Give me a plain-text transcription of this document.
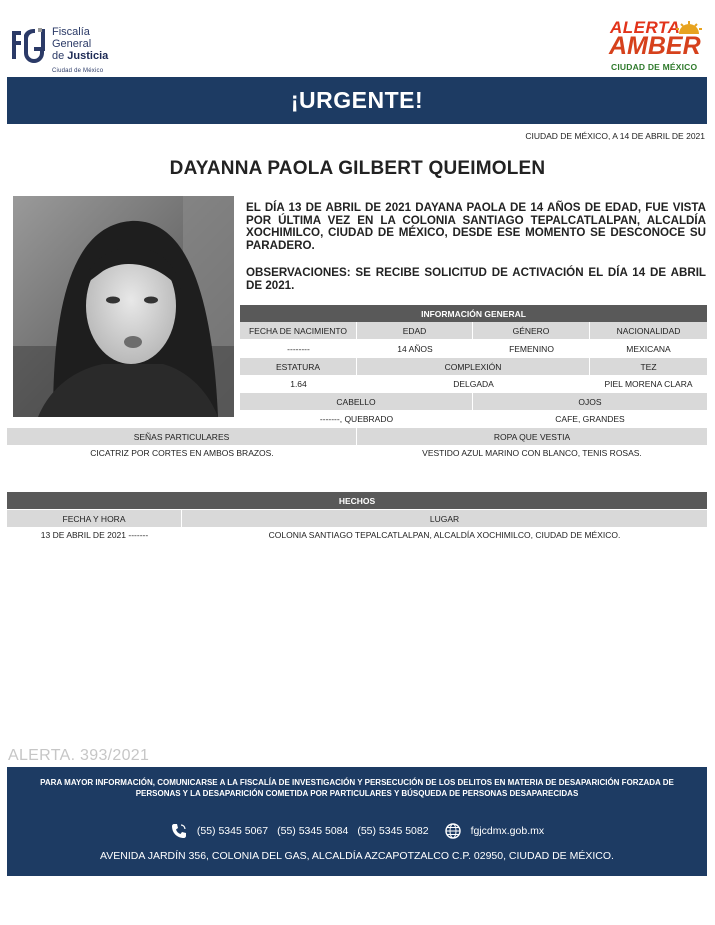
Fiscalía
General
de Justicia
Ciudad de México
ALERTA
AMBER
CIUDAD DE MÉXICO
¡URGENTE!
CIUDAD DE MÉXICO, A 14 DE ABRIL DE 2021
DAYANNA PAOLA GILBERT QUEIMOLEN
EL DÍA 13 DE ABRIL DE 2021 DAYANA PAOLA DE 14 AÑOS DE EDAD, FUE VISTA POR ÚLTIMA VEZ EN LA COLONIA SANTIAGO TEPALCATLALPAN, ALCALDÍA XOCHIMILCO, CIUDAD DE MÉXICO, DESDE ESE MOMENTO SE DESCONOCE SU PARADERO.
OBSERVACIONES: SE RECIBE SOLICITUD DE ACTIVACIÓN EL DÍA 14 DE ABRIL DE 2021.
INFORMACIÓN GENERAL
FECHA DE NACIMIENTO	EDAD	GÉNERO	NACIONALIDAD
--------	14 AÑOS	FEMENINO	MEXICANA
ESTATURA	COMPLEXIÓN	TEZ
1.64	DELGADA	PIEL MORENA CLARA
CABELLO	OJOS
-------, QUEBRADO	CAFE, GRANDES
SEÑAS PARTICULARES	ROPA QUE VESTIA
CICATRIZ POR CORTES EN AMBOS BRAZOS.	VESTIDO AZUL MARINO CON BLANCO, TENIS ROSAS.
HECHOS
FECHA Y HORA	LUGAR
13 DE ABRIL DE 2021 -------	COLONIA SANTIAGO TEPALCATLALPAN, ALCALDÍA XOCHIMILCO, CIUDAD DE MÉXICO.
ALERTA. 393/2021
PARA MAYOR INFORMACIÓN, COMUNICARSE A LA FISCALÍA DE INVESTIGACIÓN Y PERSECUCIÓN DE LOS DELITOS EN MATERIA DE DESAPARICIÓN FORZADA DE PERSONAS Y LA DESAPARICIÓN COMETIDA POR PARTICULARES Y BÚSQUEDA DE PERSONAS DESAPARECIDAS
(55) 5345 5067 (55) 5345 5084 (55) 5345 5082	fgjcdmx.gob.mx
AVENIDA JARDÍN 356, COLONIA DEL GAS, ALCALDÍA AZCAPOTZALCO C.P. 02950, CIUDAD DE MÉXICO.
